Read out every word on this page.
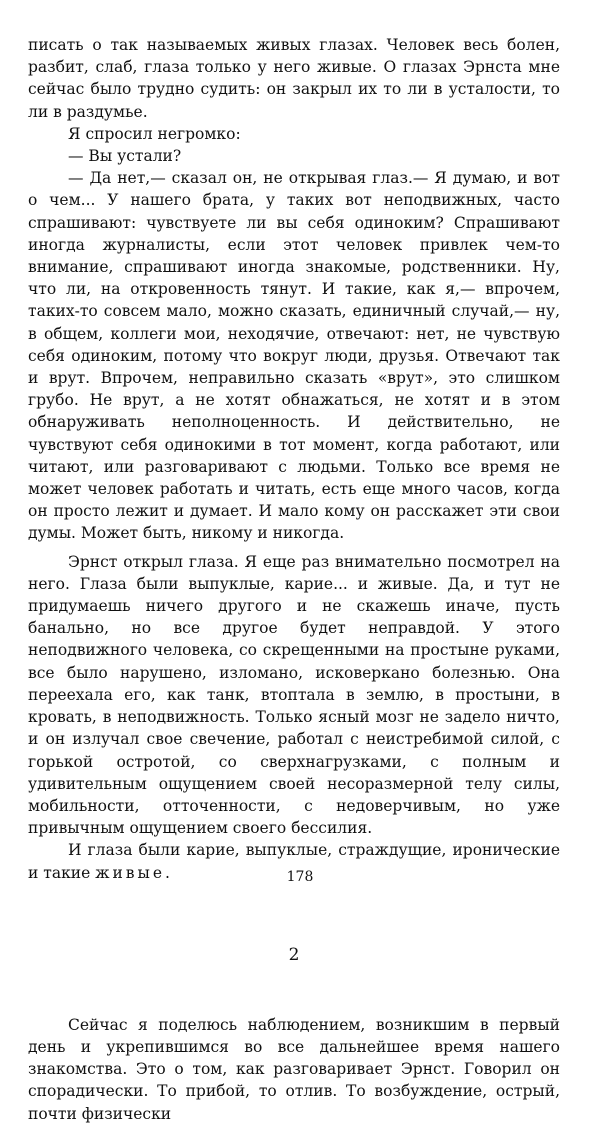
писать о так называемых живых глазах. Человек весь болен, разбит, слаб, глаза только у него живые. О глазах Эрнста мне сейчас было трудно судить: он закрыл их то ли в усталости, то ли в раздумье.

Я спросил негромко:

— Вы устали?

— Да нет,— сказал он, не открывая глаз.— Я думаю, и вот о чем... У нашего брата, у таких вот неподвижных, часто спрашивают: чувствуете ли вы себя одиноким? Спрашивают иногда журналисты, если этот человек привлек чем-то внимание, спрашивают иногда знакомые, родственники. Ну, что ли, на откровенность тянут. И такие, как я,— впрочем, таких-то совсем мало, можно сказать, единичный случай,— ну, в общем, коллеги мои, неходячие, отвечают: нет, не чувствую себя одиноким, потому что вокруг люди, друзья. Отвечают так и врут. Впрочем, неправильно сказать «врут», это слишком грубо. Не врут, а не хотят обнажаться, не хотят и в этом обнаруживать неполноценность. И действительно, не чувствуют себя одинокими в тот момент, когда работают, или читают, или разговаривают с людьми. Только все время не может человек работать и читать, есть еще много часов, когда он просто лежит и думает. И мало кому он расскажет эти свои думы. Может быть, никому и никогда.

Эрнст открыл глаза. Я еще раз внимательно посмотрел на него. Глаза были выпуклые, карие... и живые. Да, и тут не придумаешь ничего другого и не скажешь иначе, пусть банально, но все другое будет неправдой. У этого неподвижного человека, со скрещенными на простыне руками, все было нарушено, изломано, исковеркано болезнью. Она переехала его, как танк, втоптала в землю, в простыни, в кровать, в неподвижность. Только ясный мозг не задело ничто, и он излучал свое свечение, работал с неистребимой силой, с горькой остротой, со сверхнагрузками, с полным и удивительным ощущением своей несоразмерной телу силы, мобильности, отточенности, с недоверчивым, но уже привычным ощущением своего бессилия.

И глаза были карие, выпуклые, страждущие, иронические и такие живые.

2

Сейчас я поделюсь наблюдением, возникшим в первый день и укрепившимся во все дальнейшее время нашего знакомства. Это о том, как разговаривает Эрнст. Говорил он спорадически. То прибой, то отлив. То возбуждение, острый, почти физически

178
